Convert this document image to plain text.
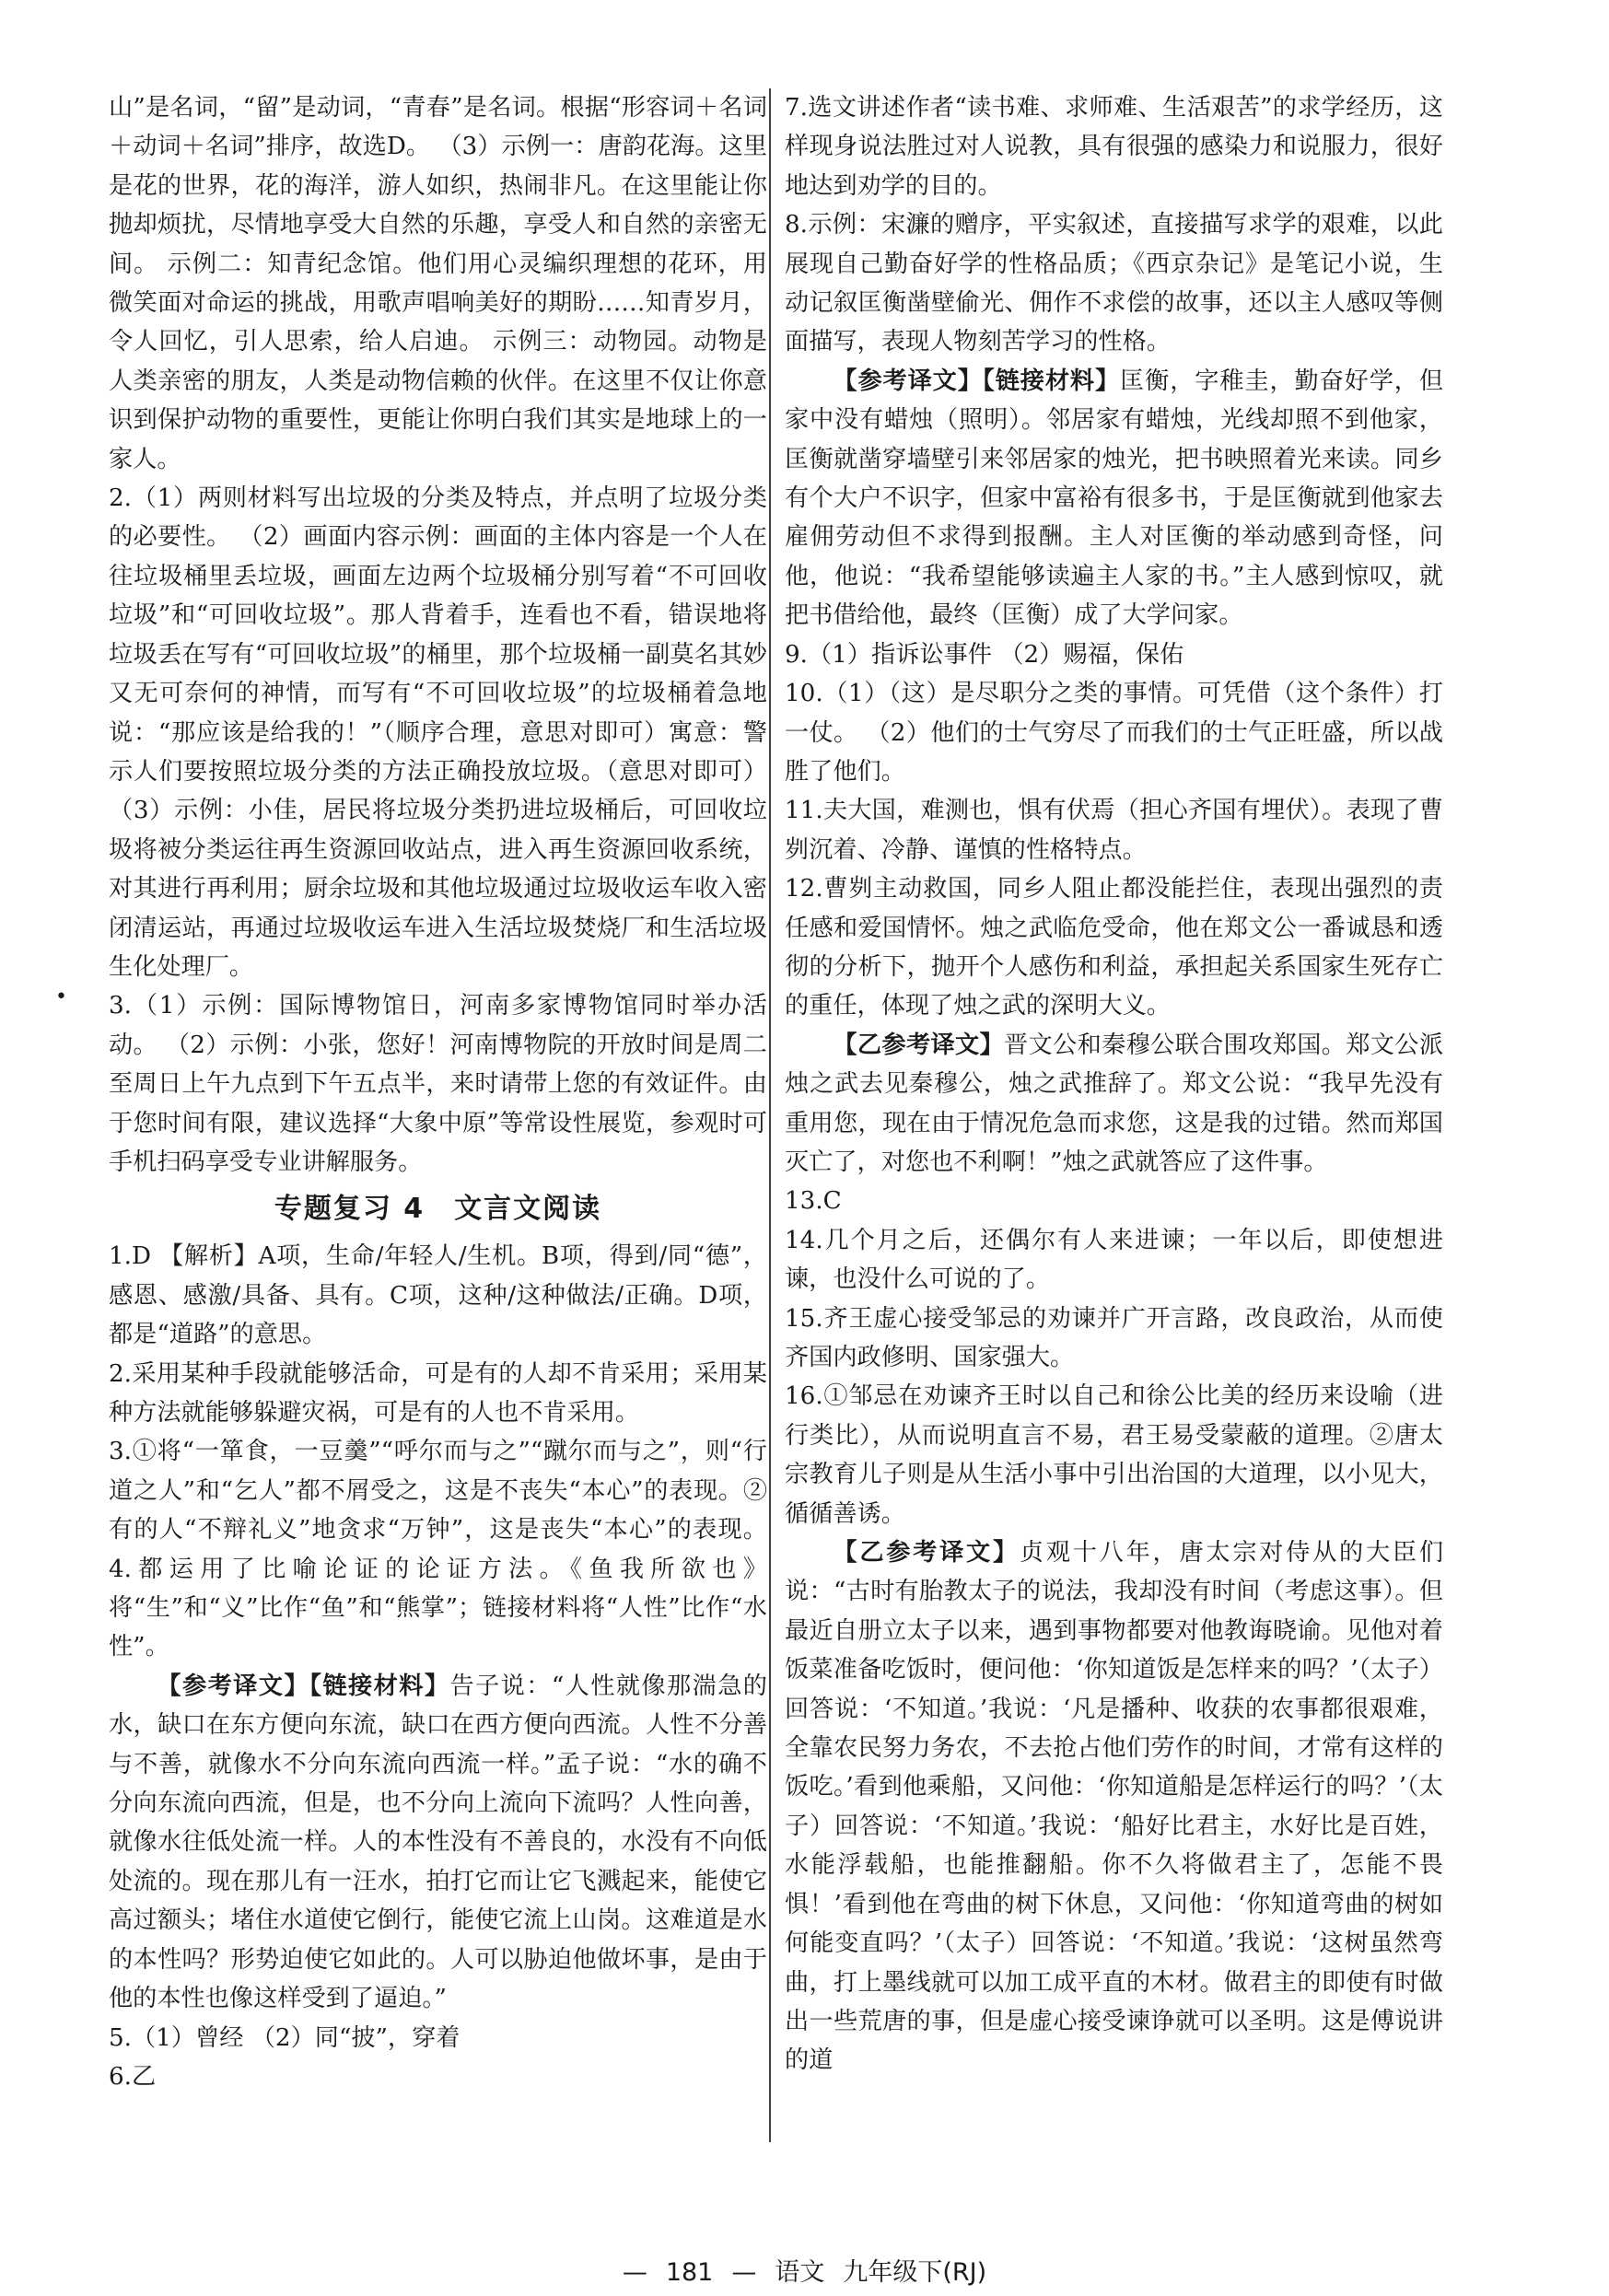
•

山”是名词，“留”是动词，“青春”是名词。根据“形容词＋名词＋动词＋名词”排序，故选D。 （3）示例一：唐韵花海。这里是花的世界，花的海洋，游人如织，热闹非凡。在这里能让你抛却烦扰，尽情地享受大自然的乐趣，享受人和自然的亲密无间。 示例二：知青纪念馆。他们用心灵编织理想的花环，用微笑面对命运的挑战，用歌声唱响美好的期盼……知青岁月，令人回忆，引人思索，给人启迪。 示例三：动物园。动物是人类亲密的朋友，人类是动物信赖的伙伴。在这里不仅让你意识到保护动物的重要性，更能让你明白我们其实是地球上的一家人。

2.（1）两则材料写出垃圾的分类及特点，并点明了垃圾分类的必要性。 （2）画面内容示例：画面的主体内容是一个人在往垃圾桶里丢垃圾，画面左边两个垃圾桶分别写着“不可回收垃圾”和“可回收垃圾”。那人背着手，连看也不看，错误地将垃圾丢在写有“可回收垃圾”的桶里，那个垃圾桶一副莫名其妙又无可奈何的神情，而写有“不可回收垃圾”的垃圾桶着急地说：“那应该是给我的！”（顺序合理，意思对即可）寓意：警示人们要按照垃圾分类的方法正确投放垃圾。（意思对即可） （3）示例：小佳，居民将垃圾分类扔进垃圾桶后，可回收垃圾将被分类运往再生资源回收站点，进入再生资源回收系统，对其进行再利用；厨余垃圾和其他垃圾通过垃圾收运车收入密闭清运站，再通过垃圾收运车进入生活垃圾焚烧厂和生活垃圾生化处理厂。

3.（1）示例：国际博物馆日，河南多家博物馆同时举办活动。 （2）示例：小张，您好！河南博物院的开放时间是周二至周日上午九点到下午五点半，来时请带上您的有效证件。由于您时间有限，建议选择“大象中原”等常设性展览，参观时可手机扫码享受专业讲解服务。

专题复习 4　文言文阅读

1.D 【解析】A项，生命/年轻人/生机。B项，得到/同“德”，感恩、感激/具备、具有。C项，这种/这种做法/正确。D项，都是“道路”的意思。

2.采用某种手段就能够活命，可是有的人却不肯采用；采用某种方法就能够躲避灾祸，可是有的人也不肯采用。

3.①将“一箪食，一豆羹”“呼尔而与之”“蹴尔而与之”，则“行道之人”和“乞人”都不屑受之，这是不丧失“本心”的表现。②有的人“不辩礼义”地贪求“万钟”，这是丧失“本心”的表现。 4.都运用了比喻论证的论证方法。《鱼我所欲也》将“生”和“义”比作“鱼”和“熊掌”；链接材料将“人性”比作“水性”。

【参考译文】【链接材料】告子说：“人性就像那湍急的水，缺口在东方便向东流，缺口在西方便向西流。人性不分善与不善，就像水不分向东流向西流一样。”孟子说：“水的确不分向东流向西流，但是，也不分向上流向下流吗？人性向善，就像水往低处流一样。人的本性没有不善良的，水没有不向低处流的。现在那儿有一汪水，拍打它而让它飞溅起来，能使它高过额头；堵住水道使它倒行，能使它流上山岗。这难道是水的本性吗？形势迫使它如此的。人可以胁迫他做坏事，是由于他的本性也像这样受到了逼迫。”

5.（1）曾经 （2）同“披”，穿着

6.乙

7.选文讲述作者“读书难、求师难、生活艰苦”的求学经历，这样现身说法胜过对人说教，具有很强的感染力和说服力，很好地达到劝学的目的。

8.示例：宋濂的赠序，平实叙述，直接描写求学的艰难，以此展现自己勤奋好学的性格品质；《西京杂记》是笔记小说，生动记叙匡衡凿壁偷光、佣作不求偿的故事，还以主人感叹等侧面描写，表现人物刻苦学习的性格。

【参考译文】【链接材料】匡衡，字稚圭，勤奋好学，但家中没有蜡烛（照明）。邻居家有蜡烛，光线却照不到他家，匡衡就凿穿墙壁引来邻居家的烛光，把书映照着光来读。同乡有个大户不识字，但家中富裕有很多书，于是匡衡就到他家去雇佣劳动但不求得到报酬。主人对匡衡的举动感到奇怪，问他，他说：“我希望能够读遍主人家的书。”主人感到惊叹，就把书借给他，最终（匡衡）成了大学问家。

9.（1）指诉讼事件 （2）赐福，保佑

10.（1）（这）是尽职分之类的事情。可凭借（这个条件）打一仗。 （2）他们的士气穷尽了而我们的士气正旺盛，所以战胜了他们。

11.夫大国，难测也，惧有伏焉（担心齐国有埋伏）。表现了曹刿沉着、冷静、谨慎的性格特点。

12.曹刿主动救国，同乡人阻止都没能拦住，表现出强烈的责任感和爱国情怀。烛之武临危受命，他在郑文公一番诚恳和透彻的分析下，抛开个人感伤和利益，承担起关系国家生死存亡的重任，体现了烛之武的深明大义。

【乙参考译文】晋文公和秦穆公联合围攻郑国。郑文公派烛之武去见秦穆公，烛之武推辞了。郑文公说：“我早先没有重用您，现在由于情况危急而求您，这是我的过错。然而郑国灭亡了，对您也不利啊！”烛之武就答应了这件事。

13.C

14.几个月之后，还偶尔有人来进谏；一年以后，即使想进谏，也没什么可说的了。

15.齐王虚心接受邹忌的劝谏并广开言路，改良政治，从而使齐国内政修明、国家强大。

16.①邹忌在劝谏齐王时以自己和徐公比美的经历来设喻（进行类比），从而说明直言不易，君王易受蒙蔽的道理。②唐太宗教育儿子则是从生活小事中引出治国的大道理，以小见大，循循善诱。

【乙参考译文】贞观十八年，唐太宗对侍从的大臣们说：“古时有胎教太子的说法，我却没有时间（考虑这事）。但最近自册立太子以来，遇到事物都要对他教诲晓谕。见他对着饭菜准备吃饭时，便问他：‘你知道饭是怎样来的吗？’（太子）回答说：‘不知道。’我说：‘凡是播种、收获的农事都很艰难，全靠农民努力务农，不去抢占他们劳作的时间，才常有这样的饭吃。’看到他乘船，又问他：‘你知道船是怎样运行的吗？’（太子）回答说：‘不知道。’我说：‘船好比君主，水好比是百姓，水能浮载船，也能推翻船。你不久将做君主了，怎能不畏惧！’看到他在弯曲的树下休息，又问他：‘你知道弯曲的树如何能变直吗？’（太子）回答说：‘不知道。’我说：‘这树虽然弯曲，打上墨线就可以加工成平直的木材。做君主的即使有时做出一些荒唐的事，但是虚心接受谏诤就可以圣明。这是傅说讲的道

— 181 — 语文 九年级下(RJ)
